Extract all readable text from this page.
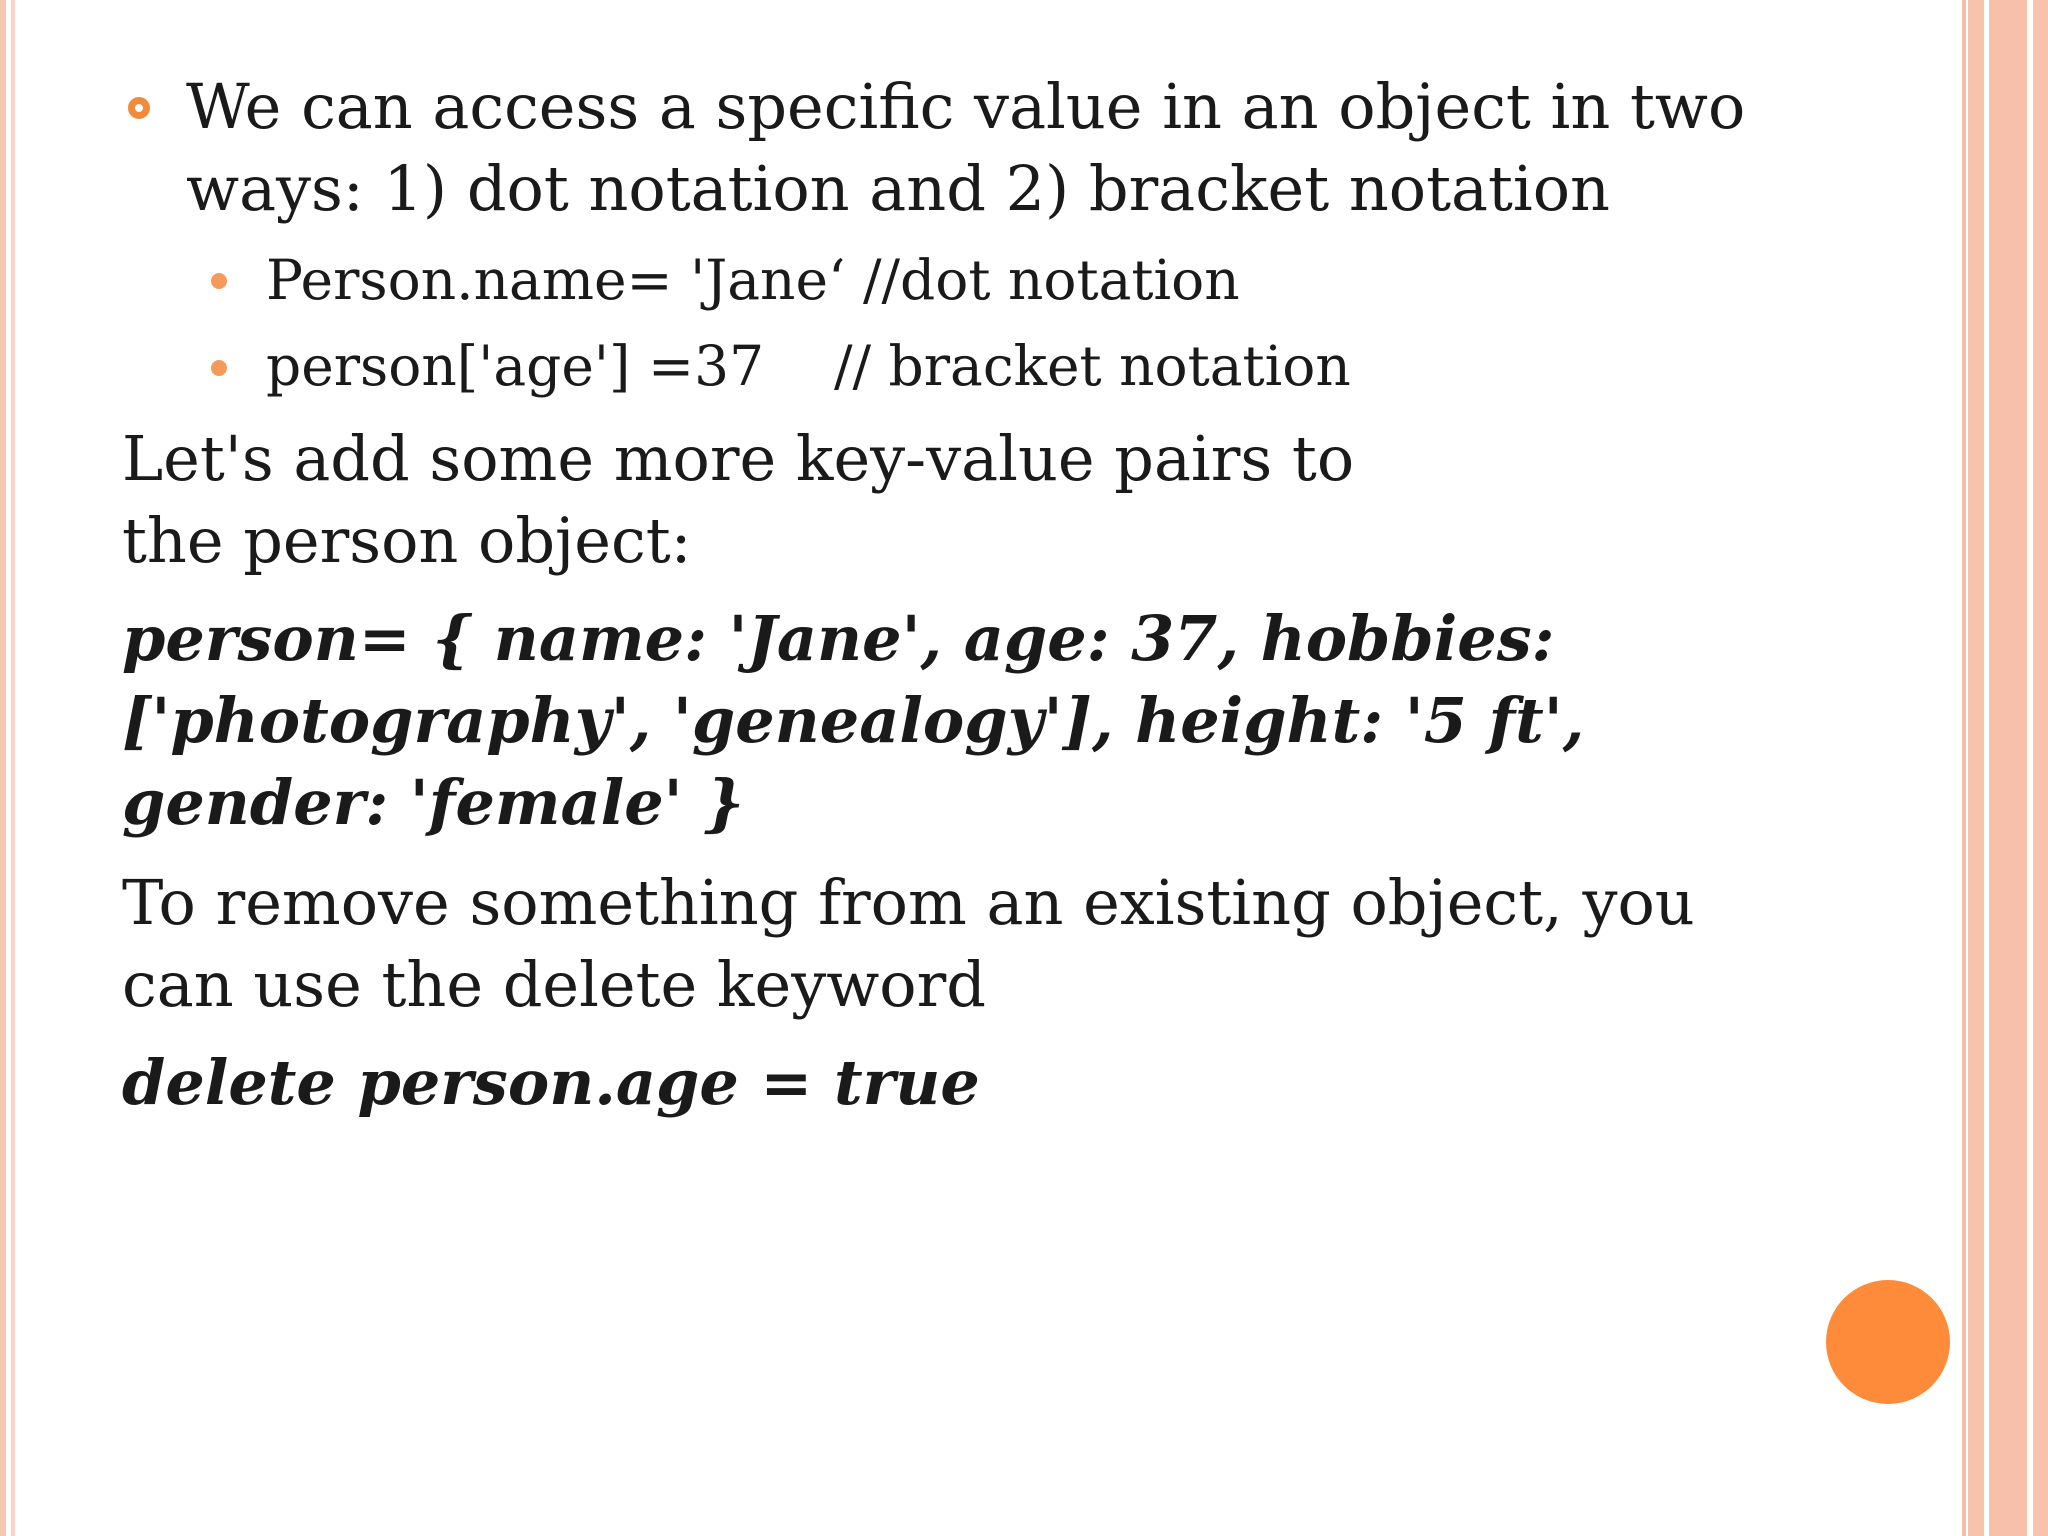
We can access a specific value in an object in two
ways: 1) dot notation and 2) bracket notation
Person.name= 'Jane‘ //dot notation
person['age'] =37    // bracket notation
Let's add some more key-value pairs to
the person object:
person= { name: 'Jane', age: 37, hobbies:
['photography', 'genealogy'], height: '5 ft',
gender: 'female' }
To remove something from an existing object, you
can use the delete keyword
delete person.age = true
